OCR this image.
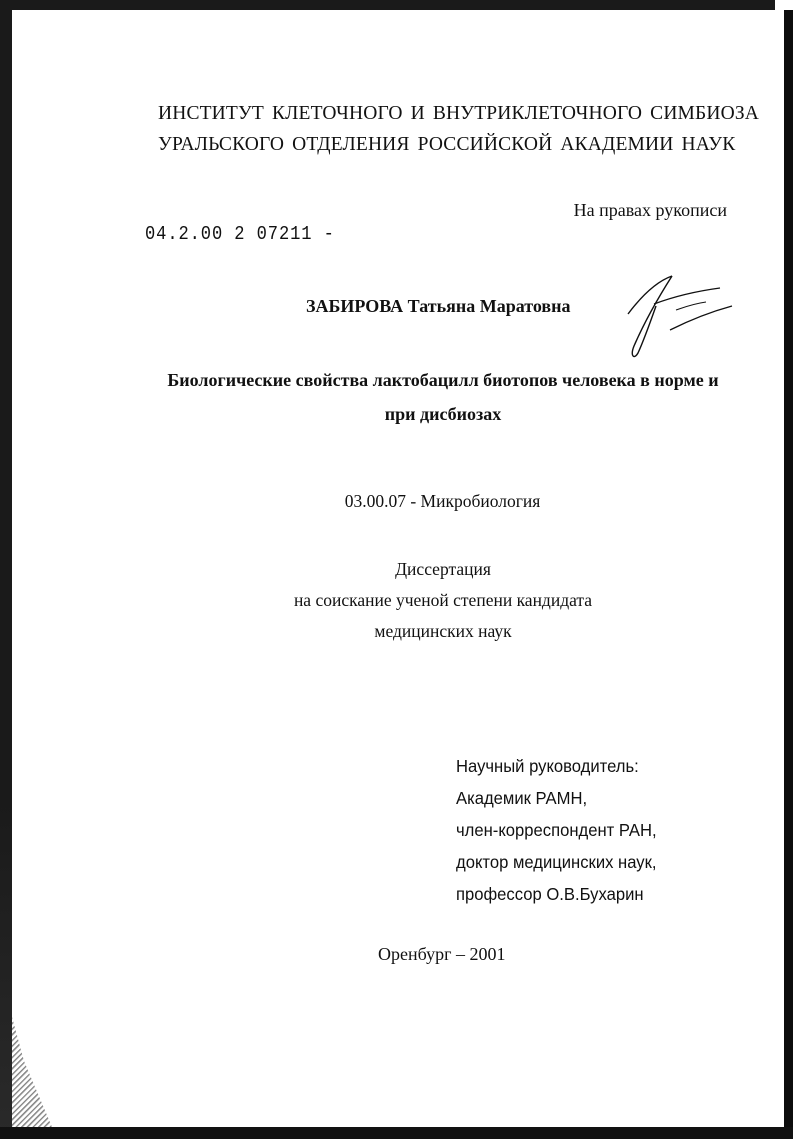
ИНСТИТУТ КЛЕТОЧНОГО И ВНУТРИКЛЕТОЧНОГО СИМБИОЗА
УРАЛЬСКОГО ОТДЕЛЕНИЯ РОССИЙСКОЙ АКАДЕМИИ НАУК
На правах рукописи
04.2.00 2 07211 -
ЗАБИРОВА Татьяна Маратовна
Биологические свойства лактобацилл биотопов человека в норме и
при дисбиозах
03.00.07 - Микробиология
Диссертация
на соискание ученой степени кандидата
медицинских наук
Научный руководитель:
Академик РАМН,
член-корреспондент РАН,
доктор медицинских наук,
профессор О.В.Бухарин
Оренбург – 2001
